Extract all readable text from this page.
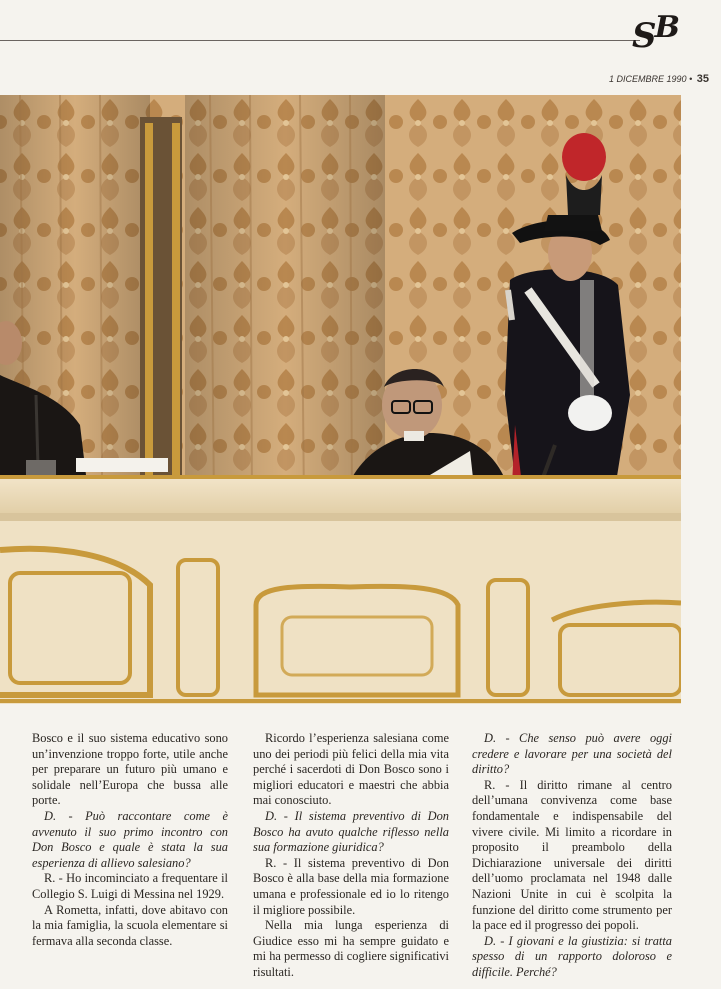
SB
1 DICEMBRE 1990 • 35

Bosco e il suo sistema educativo sono un’invenzione troppo forte, utile anche per preparare un futuro più umano e solidale nell’Europa che bussa alle porte.

D. - Può raccontare come è avvenuto il suo primo incontro con Don Bosco e quale è stata la sua esperienza di allievo salesiano?

R. - Ho incominciato a frequentare il Collegio S. Luigi di Messina nel 1929.

A Rometta, infatti, dove abitavo con la mia famiglia, la scuola elementare si fermava alla seconda classe.

Ricordo l’esperienza salesiana come uno dei periodi più felici della mia vita perché i sacerdoti di Don Bosco sono i migliori educatori e maestri che abbia mai conosciuto.

D. - Il sistema preventivo di Don Bosco ha avuto qualche riflesso nella sua formazione giuridica?

R. - Il sistema preventivo di Don Bosco è alla base della mia formazione umana e professionale ed io lo ritengo il migliore possibile.

Nella mia lunga esperienza di Giudice esso mi ha sempre guidato e mi ha permesso di cogliere significativi risultati.

D. - Che senso può avere oggi credere e lavorare per una società del diritto?

R. - Il diritto rimane al centro dell’umana convivenza come base fondamentale e indispensabile del vivere civile. Mi limito a ricordare in proposito il preambolo della Dichiarazione universale dei diritti dell’uomo proclamata nel 1948 dalle Nazioni Unite in cui è scolpita la funzione del diritto come strumento per la pace ed il progresso dei popoli.

D. - I giovani e la giustizia: si tratta spesso di un rapporto doloroso e difficile. Perché?
